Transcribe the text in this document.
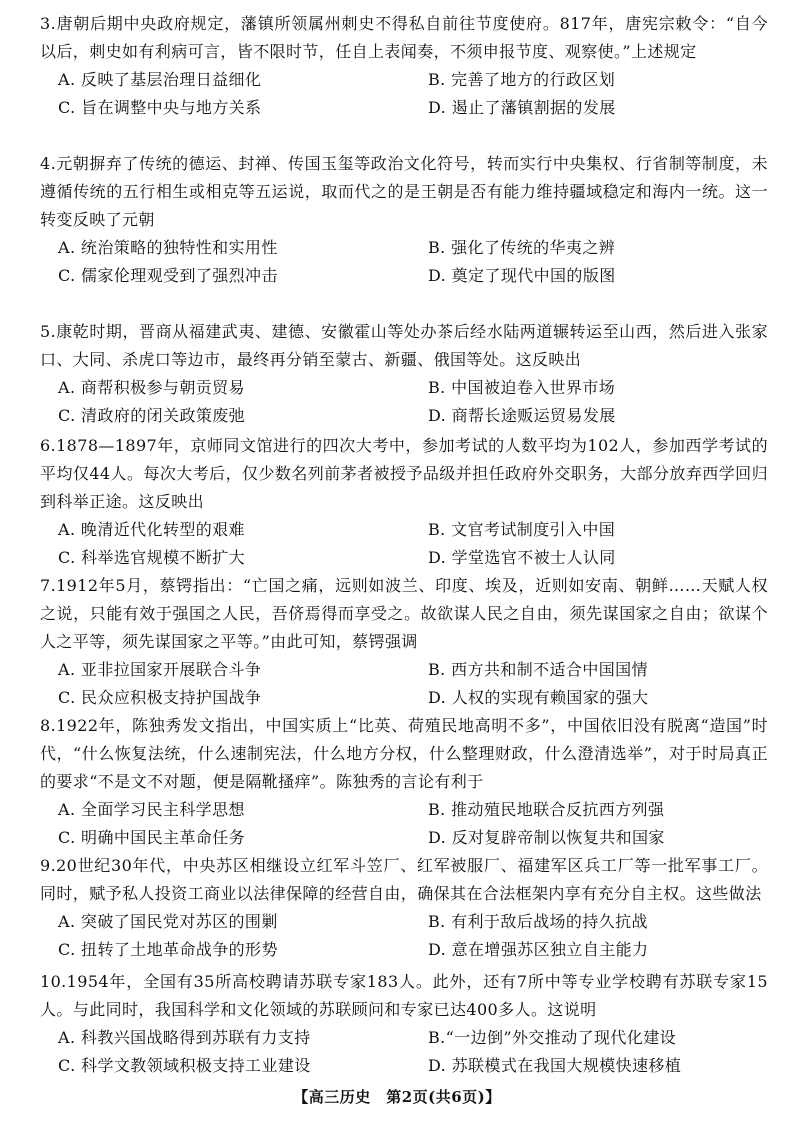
3.唐朝后期中央政府规定，藩镇所领属州刺史不得私自前往节度使府。817年，唐宪宗敕令：“自今以后，刺史如有利病可言，皆不限时节，任自上表闻奏，不须申报节度、观察使。”上述规定

A. 反映了基层治理日益细化	B. 完善了地方的行政区划
C. 旨在调整中央与地方关系	D. 遏止了藩镇割据的发展

4.元朝摒弃了传统的德运、封禅、传国玉玺等政治文化符号，转而实行中央集权、行省制等制度，未遵循传统的五行相生或相克等五运说，取而代之的是王朝是否有能力维持疆域稳定和海内一统。这一转变反映了元朝

A. 统治策略的独特性和实用性	B. 强化了传统的华夷之辨
C. 儒家伦理观受到了强烈冲击	D. 奠定了现代中国的版图

5.康乾时期，晋商从福建武夷、建德、安徽霍山等处办茶后经水陆两道辗转运至山西，然后进入张家口、大同、杀虎口等边市，最终再分销至蒙古、新疆、俄国等处。这反映出

A. 商帮积极参与朝贡贸易	B. 中国被迫卷入世界市场
C. 清政府的闭关政策废弛	D. 商帮长途贩运贸易发展

6.1878—1897年，京师同文馆进行的四次大考中，参加考试的人数平均为102人，参加西学考试的平均仅44人。每次大考后，仅少数名列前茅者被授予品级并担任政府外交职务，大部分放弃西学回归到科举正途。这反映出

A. 晚清近代化转型的艰难	B. 文官考试制度引入中国
C. 科举选官规模不断扩大	D. 学堂选官不被士人认同

7.1912年5月，蔡锷指出：“亡国之痛，远则如波兰、印度、埃及，近则如安南、朝鲜……天赋人权之说，只能有效于强国之人民，吾侪焉得而享受之。故欲谋人民之自由，须先谋国家之自由；欲谋个人之平等，须先谋国家之平等。”由此可知，蔡锷强调

A. 亚非拉国家开展联合斗争	B. 西方共和制不适合中国国情
C. 民众应积极支持护国战争	D. 人权的实现有赖国家的强大

8.1922年，陈独秀发文指出，中国实质上“比英、荷殖民地高明不多”，中国依旧没有脱离“造国”时代，“什么恢复法统，什么速制宪法，什么地方分权，什么整理财政，什么澄清选举”，对于时局真正的要求“不是文不对题，便是隔靴搔痒”。陈独秀的言论有利于

A. 全面学习民主科学思想	B. 推动殖民地联合反抗西方列强
C. 明确中国民主革命任务	D. 反对复辟帝制以恢复共和国家

9.20世纪30年代，中央苏区相继设立红军斗笠厂、红军被服厂、福建军区兵工厂等一批军事工厂。同时，赋予私人投资工商业以法律保障的经营自由，确保其在合法框架内享有充分自主权。这些做法

A. 突破了国民党对苏区的围剿	B. 有利于敌后战场的持久抗战
C. 扭转了土地革命战争的形势	D. 意在增强苏区独立自主能力

10.1954年，全国有35所高校聘请苏联专家183人。此外，还有7所中等专业学校聘有苏联专家15人。与此同时，我国科学和文化领域的苏联顾问和专家已达400多人。这说明

A. 科教兴国战略得到苏联有力支持	B.“一边倒”外交推动了现代化建设
C. 科学文教领域积极支持工业建设	D. 苏联模式在我国大规模快速移植
【高三历史　第2页(共6页)】
